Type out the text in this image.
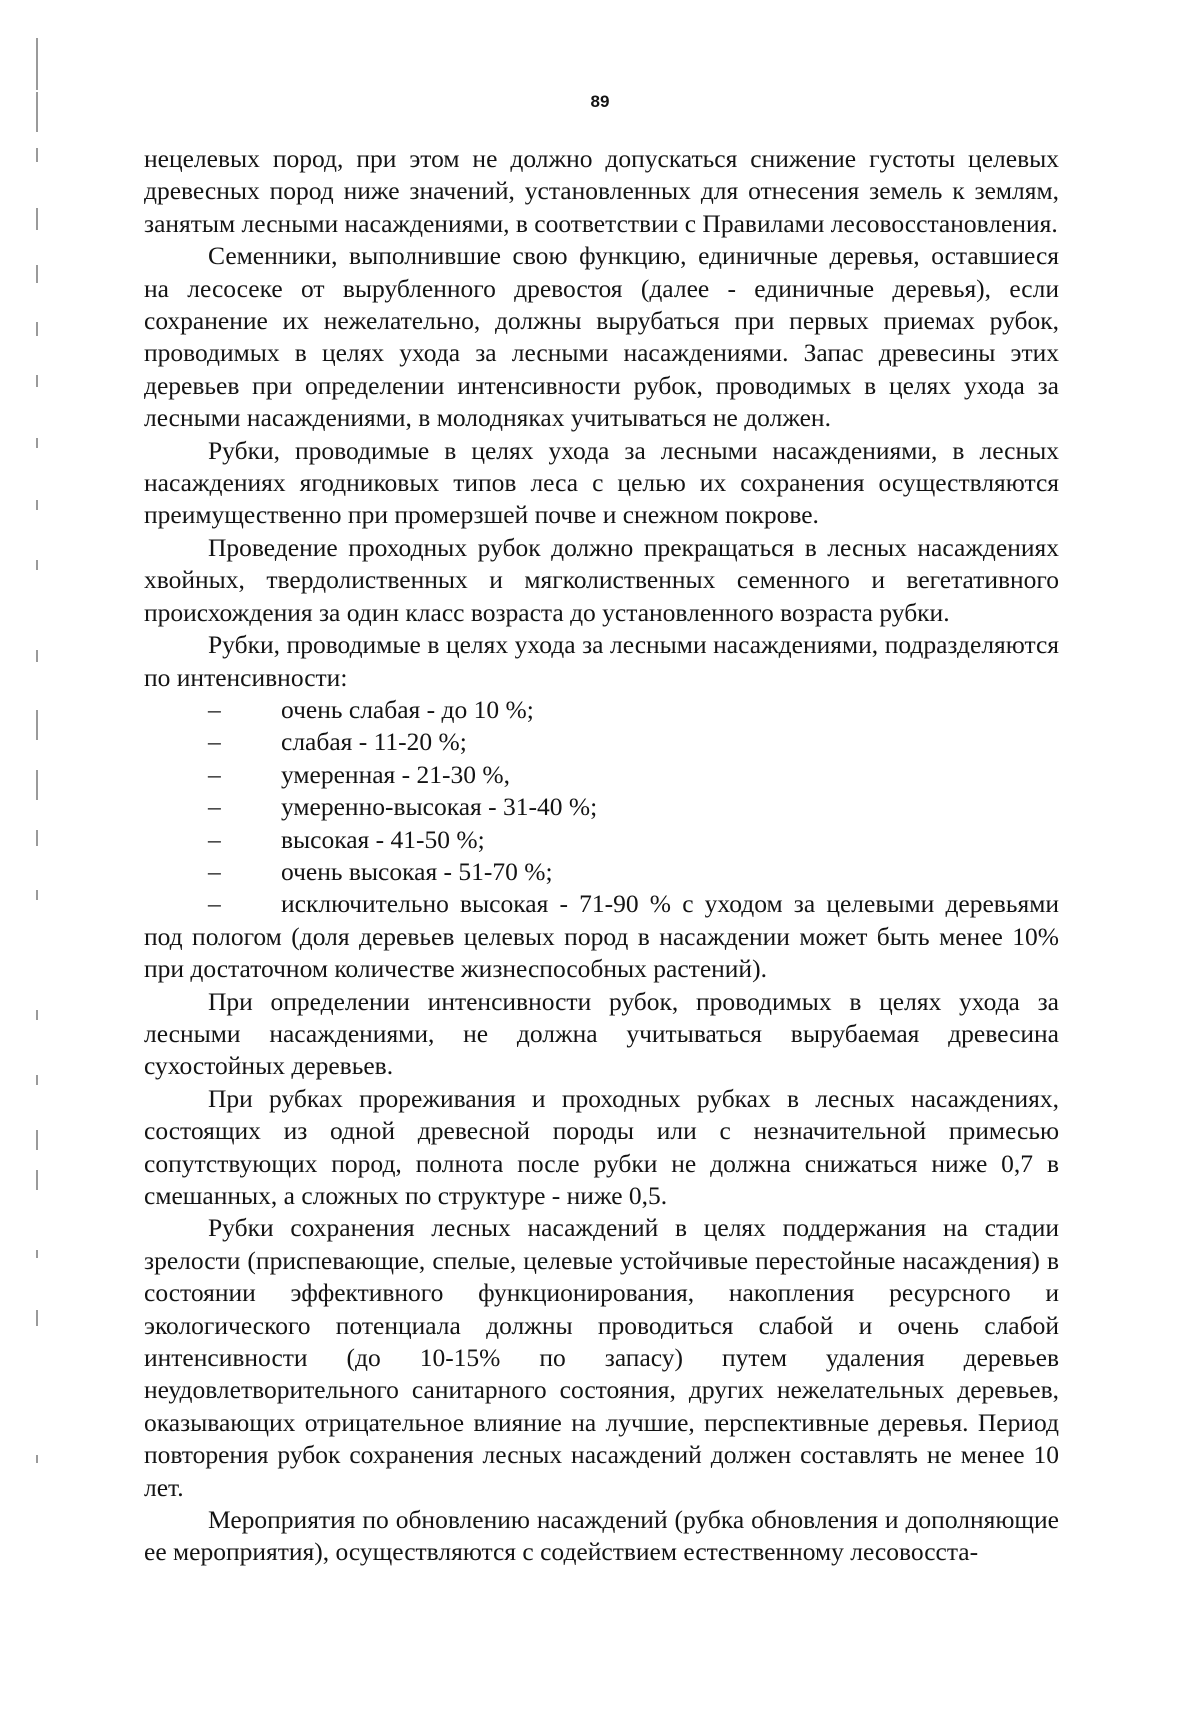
89

нецелевых пород, при этом не должно допускаться снижение густоты целевых древесных пород ниже значений, установленных для отнесения земель к землям, занятым лесными насаждениями, в соответствии с Правилами лесовосстановления.

Семенники, выполнившие свою функцию, единичные деревья, оставшиеся на лесосеке от вырубленного древостоя (далее - единичные деревья), если сохранение их нежелательно, должны вырубаться при первых приемах рубок, проводимых в целях ухода за лесными насаждениями. Запас древесины этих деревьев при определении интенсивности рубок, проводимых в целях ухода за лесными насаждениями, в молодняках учитываться не должен.

Рубки, проводимые в целях ухода за лесными насаждениями, в лесных насаждениях ягодниковых типов леса с целью их сохранения осуществляются преимущественно при промерзшей почве и снежном покрове.

Проведение проходных рубок должно прекращаться в лесных насаждениях хвойных, твердолиственных и мягколиственных семенного и вегетативного происхождения за один класс возраста до установленного возраста рубки.

Рубки, проводимые в целях ухода за лесными насаждениями, подразделяются по интенсивности:

– очень слабая - до 10 %;
– слабая - 11-20 %;
– умеренная - 21-30 %,
– умеренно-высокая - 31-40 %;
– высокая - 41-50 %;
– очень высокая - 51-70 %;
– исключительно высокая - 71-90 % с уходом за целевыми деревьями под пологом (доля деревьев целевых пород в насаждении может быть менее 10% при достаточном количестве жизнеспособных растений).

При определении интенсивности рубок, проводимых в целях ухода за лесными насаждениями, не должна учитываться вырубаемая древесина сухостойных деревьев.

При рубках прореживания и проходных рубках в лесных насаждениях, состоящих из одной древесной породы или с незначительной примесью сопутствующих пород, полнота после рубки не должна снижаться ниже 0,7 в смешанных, а сложных по структуре - ниже 0,5.

Рубки сохранения лесных насаждений в целях поддержания на стадии зрелости (приспевающие, спелые, целевые устойчивые перестойные насаждения) в состоянии эффективного функционирования, накопления ресурсного и экологического потенциала должны проводиться слабой и очень слабой интенсивности (до 10-15% по запасу) путем удаления деревьев неудовлетворительного санитарного состояния, других нежелательных деревьев, оказывающих отрицательное влияние на лучшие, перспективные деревья. Период повторения рубок сохранения лесных насаждений должен составлять не менее 10 лет.

Мероприятия по обновлению насаждений (рубка обновления и дополняющие ее мероприятия), осуществляются с содействием естественному лесовосста-
